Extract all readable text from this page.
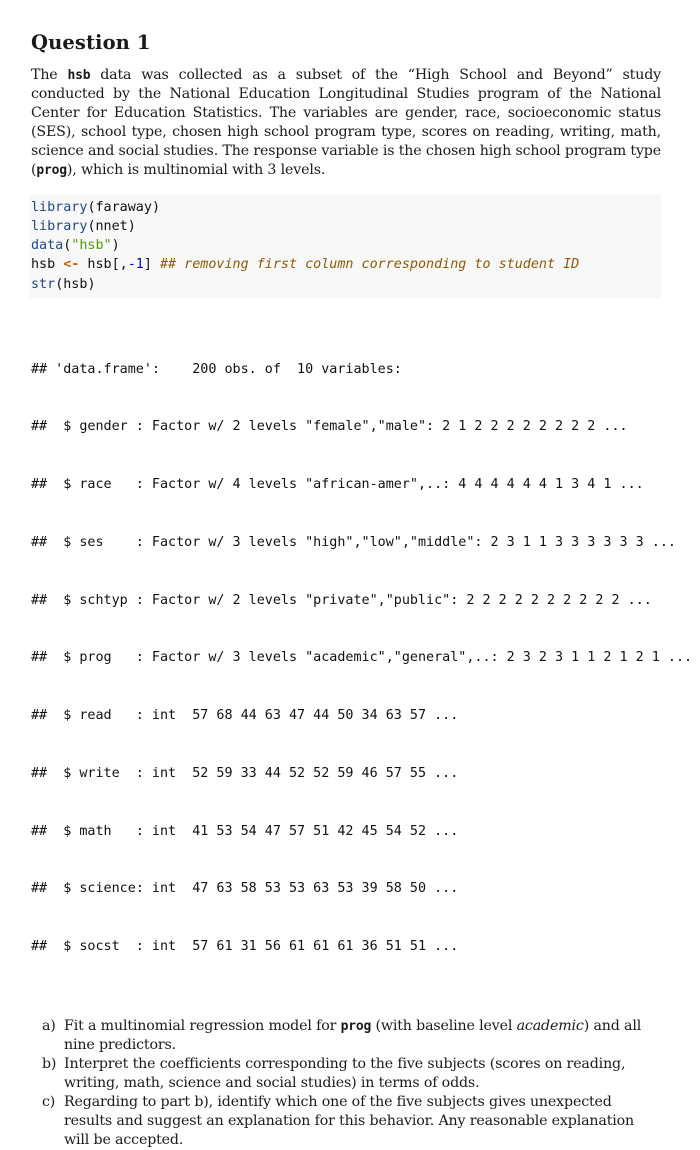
Question 1

The hsb data was collected as a subset of the “High School and Beyond” study conducted by the National Education Longitudinal Studies program of the National Center for Education Statistics. The variables are gender, race, socioeconomic status (SES), school type, chosen high school program type, scores on reading, writing, math, science and social studies. The response variable is the chosen high school program type (prog), which is multinomial with 3 levels.

library(faraway)
library(nnet)
data("hsb")
hsb <- hsb[,-1] ## removing first column corresponding to student ID
str(hsb)

## 'data.frame':    200 obs. of  10 variables:

##  $ gender : Factor w/ 2 levels "female","male": 2 1 2 2 2 2 2 2 2 2 ...

##  $ race   : Factor w/ 4 levels "african-amer",..: 4 4 4 4 4 4 1 3 4 1 ...

##  $ ses    : Factor w/ 3 levels "high","low","middle": 2 3 1 1 3 3 3 3 3 3 ...

##  $ schtyp : Factor w/ 2 levels "private","public": 2 2 2 2 2 2 2 2 2 2 ...

##  $ prog   : Factor w/ 3 levels "academic","general",..: 2 3 2 3 1 1 2 1 2 1 ...

##  $ read   : int  57 68 44 63 47 44 50 34 63 57 ...

##  $ write  : int  52 59 33 44 52 52 59 46 57 55 ...

##  $ math   : int  41 53 54 47 57 51 42 45 54 52 ...

##  $ science: int  47 63 58 53 53 63 53 39 58 50 ...

##  $ socst  : int  57 61 31 56 61 61 61 36 51 51 ...

a) Fit a multinomial regression model for prog (with baseline level academic) and all nine predictors.
b) Interpret the coefficients corresponding to the five subjects (scores on reading, writing, math, science and social studies) in terms of odds.
c) Regarding to part b), identify which one of the five subjects gives unexpected results and suggest an explanation for this behavior. Any reasonable explanation will be accepted.
